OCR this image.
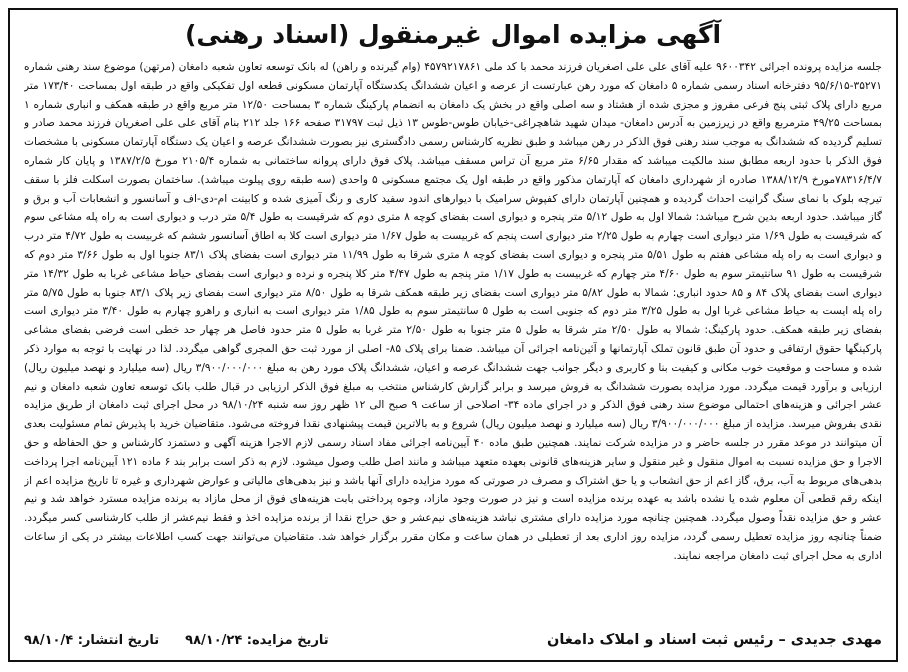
آگهی مزایده اموال غیرمنقول (اسناد رهنی)

جلسه مزایده پرونده اجرائی ۹۶۰۰۳۴۲ علیه آقای علی علی اصغریان فرزند محمد با کد ملی ۴۵۷۹۲۱۷۸۶۱ (وام گیرنده و راهن) له بانک توسعه تعاون شعبه دامغان (مرتهن) موضوع سند رهنی شماره ۳۵۲۷۱-۹۵/۶/۱۵ دفترخانه اسناد رسمی شماره ۵ دامغان که مورد رهن عبارتست از عرصه و اعیان ششدانگ یکدستگاه آپارتمان مسکونی قطعه اول تفکیکی واقع در طبقه اول بمساحت ۱۷۳/۴۰ متر مربع دارای پلاک ثبتی پنج فرعی مفروز و مجزی شده از هشتاد و سه اصلی واقع در بخش یک دامغان به انضمام پارکینگ شماره ۳ بمساحت ۱۲/۵۰ متر مربع واقع در طبقه همکف و انباری شماره ۱ بمساحت ۴۹/۲۵ مترمربع واقع در زیرزمین به آدرس دامغان- میدان شهید شاهچراغی-خیابان طوس-طوس ۱۳ ذیل ثبت ۳۱۷۹۷ صفحه ۱۶۶ جلد ۲۱۲ بنام آقای علی علی اصغریان فرزند محمد صادر و تسلیم گردیده که ششدانگ به موجب سند رهنی فوق الذکر در رهن میباشد و طبق نظریه کارشناس رسمی دادگستری نیز بصورت ششدانگ عرصه و اعیان یک دستگاه آپارتمان مسکونی با مشخصات فوق الذکر با حدود اربعه مطابق سند مالکیت میباشد که مقدار ۶/۶۵ متر مربع آن تراس مسقف میباشد. پلاک فوق دارای پروانه ساختمانی به شماره ۲۱۰۵/۴ مورخ ۱۳۸۷/۲/۵ و پایان کار شماره ۷۸۳۱۶/۴/۷مورخ ۱۳۸۸/۱۲/۹ صادره از شهرداری دامغان که آپارتمان مذکور واقع در طبقه اول یک مجتمع مسکونی ۵ واحدی (سه طبقه روی پیلوت میباشد). ساختمان بصورت اسکلت فلز با سقف تیرچه بلوک با نمای سنگ گرانیت احداث گردیده و همچنین آپارتمان دارای کفپوش سرامیک با دیوارهای اندود سفید کاری و رنگ آمیزی شده و کابینت ام-دی-اف و آسانسور و انشعابات آب و برق و گاز میباشد. حدود اربعه بدین شرح میباشد: شمالا اول به طول ۵/۱۲ متر پنجره و دیواری است بفضای کوچه ۸ متری دوم که شرقیست به طول ۵/۴ متر درب و دیواری است به راه پله مشاعی سوم که شرقیست به طول ۱/۶۹ متر دیواری است چهارم به طول ۲/۲۵ متر دیواری است پنجم که غربیست به طول ۱/۶۷ متر دیواری است کلا به اطاق آسانسور ششم که غربیست به طول ۴/۷۲ متر درب و دیواری است به راه پله مشاعی هفتم به طول ۵/۵۱ متر پنجره و دیواری است بفضای کوچه ۸ متری شرقا به طول ۱۱/۹۹ متر دیواری است بفضای پلاک ۸۳/۱ جنوبا اول به طول ۳/۶۶ متر دوم که شرقیست به طول ۹۱ سانتیمتر سوم به طول ۴/۶۰ متر چهارم که غربیست به طول ۱/۱۷ متر پنجم به طول ۴/۴۷ متر کلا پنجره و نرده و دیواری است بفضای حیاط مشاعی غربا به طول ۱۴/۳۲ متر دیواری است بفضای پلاک ۸۴ و ۸۵ حدود انباری: شمالا به طول ۵/۸۲ متر دیواری است بفضای زیر طبقه همکف شرقا به طول ۸/۵۰ متر دیواری است بفضای زیر پلاک ۸۳/۱ جنوبا به طول ۵/۷۵ متر راه پله ایست به حیاط مشاعی غربا اول به طول ۳/۲۵ متر دوم که جنوبی است به طول ۵ سانتیمتر سوم به طول ۱/۸۵ متر دیواری است به انباری و راهرو چهارم به طول ۳/۴۰ متر دیواری است بفضای زیر طبقه همکف. حدود پارکینگ: شمالا به طول ۲/۵۰ متر شرقا به طول ۵ متر جنوبا به طول ۲/۵۰ متر غربا به طول ۵ متر حدود فاصل هر چهار حد خطی است فرضی بفضای مشاعی پارکینگها حقوق ارتفاقی و حدود آن طبق قانون تملک آپارتمانها و آئین‌نامه اجرائی آن میباشد. ضمنا برای پلاک ۸۵- اصلی از مورد ثبت حق المجری گواهی میگردد. لذا در نهایت با توجه به موارد ذکر شده و مساحت و موقعیت خوب مکانی و کیفیت بنا و کاربری و دیگر جوانب جهت ششدانگ عرصه و اعیان، ششدانگ پلاک مورد رهن به مبلغ ۳/۹۰۰/۰۰۰/۰۰۰ ریال (سه میلیارد و نهصد میلیون ریال) ارزیابی و برآورد قیمت میگردد. مورد مزایده بصورت ششدانگ به فروش میرسد و برابر گزارش کارشناس منتخب به مبلغ فوق الذکر ارزیابی در قبال طلب بانک توسعه تعاون شعبه دامغان و نیم عشر اجرائی و هزینه‌های احتمالی موضوع سند رهنی فوق الذکر و در اجرای ماده ۳۴- اصلاحی از ساعت ۹ صبح الی ۱۲ ظهر روز سه شنبه ۹۸/۱۰/۲۴ در محل اجرای ثبت دامغان از طریق مزایده نقدی بفروش میرسد. مزایده از مبلغ ۳/۹۰۰/۰۰۰/۰۰۰ ریال (سه میلیارد و نهصد میلیون ریال) شروع و به بالاترین قیمت پیشنهادی نقدا فروخته می‌شود. متقاضیان خرید با پذیرش تمام مسئولیت بعدی آن میتوانند در موعد مقرر در جلسه حاضر و در مزایده شرکت نمایند. همچنین طبق ماده ۴۰ آیین‌نامه اجرائی مفاد اسناد رسمی لازم الاجرا هزینه آگهی و دستمزد کارشناس و حق الحفاظه و حق الاجرا و حق مزایده نسبت به اموال منقول و غیر منقول و سایر هزینه‌های قانونی بعهده متعهد میباشد و مانند اصل طلب وصول میشود. لازم به ذکر است برابر بند ۶ ماده ۱۲۱ آیین‌نامه اجرا پرداخت بدهی‌های مربوط به آب، برق، گاز اعم از حق انشعاب و یا حق اشتراک و مصرف در صورتی که مورد مزایده دارای آنها باشد و نیز بدهی‌های مالیاتی و عوارض شهرداری و غیره تا تاریخ مزایده اعم از اینکه رقم قطعی آن معلوم شده یا نشده باشد به عهده برنده مزایده است و نیز در صورت وجود مازاد، وجوه پرداختی بابت هزینه‌های فوق از محل مازاد به برنده مزایده مسترد خواهد شد و نیم عشر و حق مزایده نقداً وصول میگردد. همچنین چنانچه مورد مزایده دارای مشتری نباشد هزینه‌های نیم‌عشر و حق حراج نقدا از برنده مزایده اخذ و فقط نیم‌عشر از طلب کارشناسی کسر میگردد. ضمناً چنانچه روز مزایده تعطیل رسمی گردد، مزایده روز اداری بعد از تعطیلی در همان ساعت و مکان مقرر برگزار خواهد شد. متقاضیان می‌توانند جهت کسب اطلاعات بیشتر در یکی از ساعات اداری به محل اجرای ثبت دامغان مراجعه نمایند.

مهدی جدیدی – رئیس ثبت اسناد و املاک دامغان
تاریخ مزایده: ۹۸/۱۰/۲۴
تاریخ انتشار: ۹۸/۱۰/۴
